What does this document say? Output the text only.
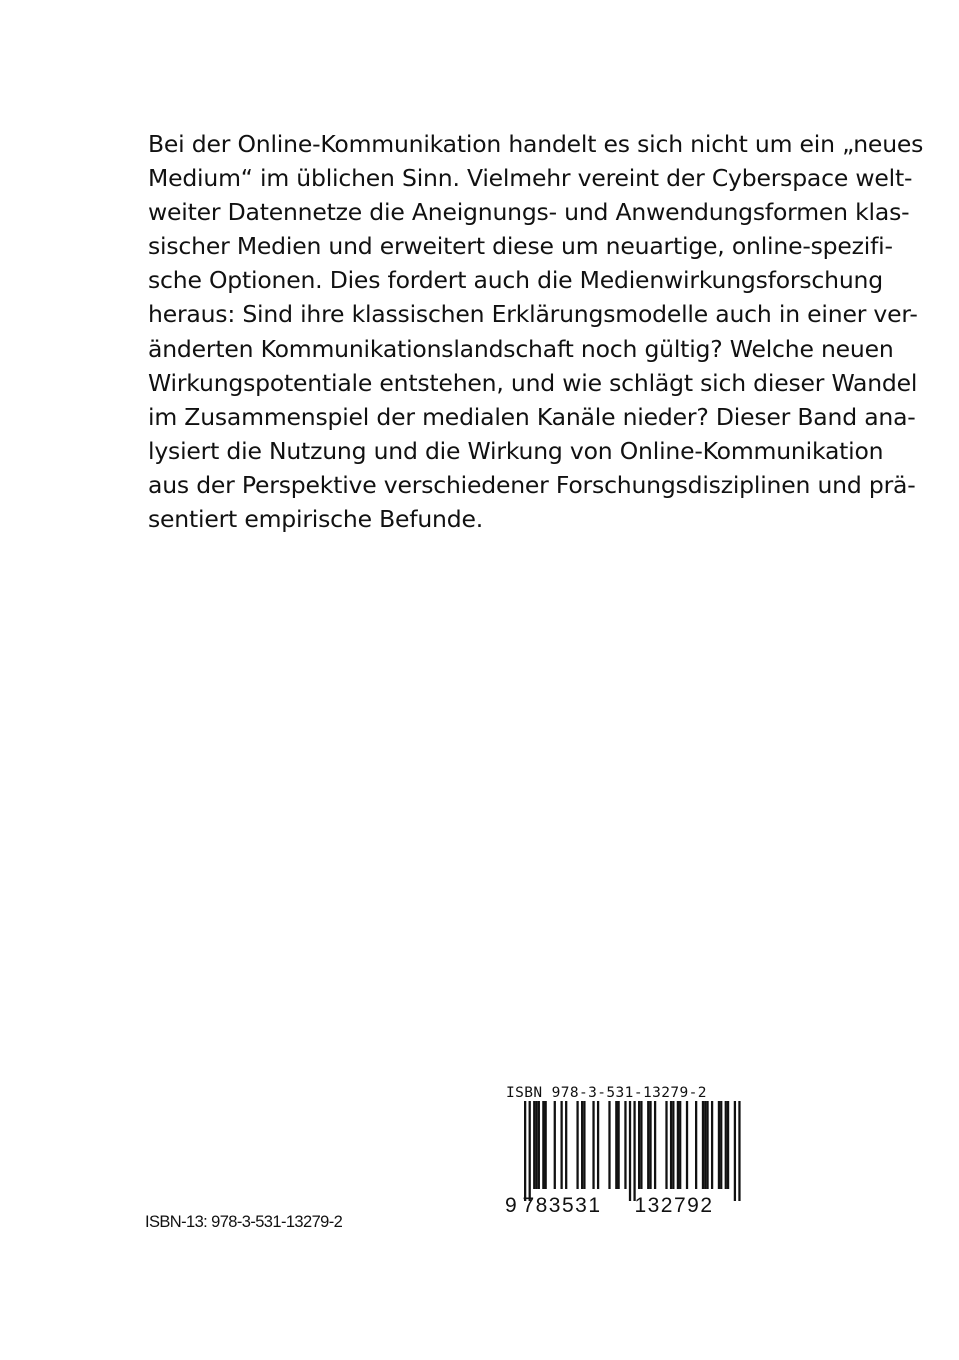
Bei der Online-Kommunikation handelt es sich nicht um ein „neues
Medium“ im üblichen Sinn. Vielmehr vereint der Cyberspace welt-
weiter Datennetze die Aneignungs- und Anwendungsformen klas-
sischer Medien und erweitert diese um neuartige, online-spezifi-
sche Optionen. Dies fordert auch die Medienwirkungsforschung
heraus: Sind ihre klassischen Erklärungsmodelle auch in einer ver-
änderten Kommunikationslandschaft noch gültig? Welche neuen
Wirkungspotentiale entstehen, und wie schlägt sich dieser Wandel
im Zusammenspiel der medialen Kanäle nieder? Dieser Band ana-
lysiert die Nutzung und die Wirkung von Online-Kommunikation
aus der Perspektive verschiedener Forschungsdisziplinen und prä-
sentiert empirische Befunde.
ISBN 978-3-531-13279-2
9 783531 132792
ISBN-13: 978-3-531-13279-2
